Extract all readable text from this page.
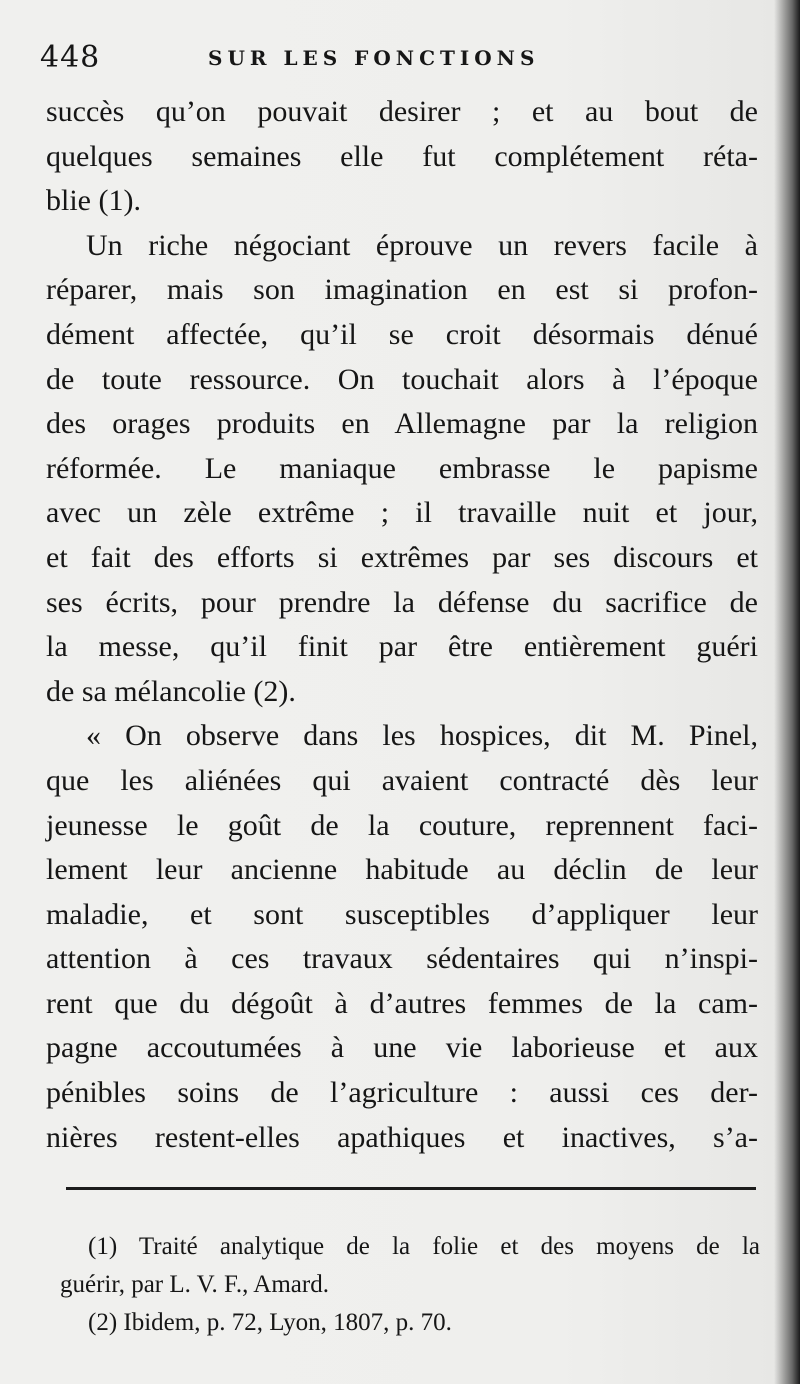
448	SUR LES FONCTIONS
succès qu’on pouvait desirer ; et au bout de
quelques semaines elle fut complétement réta-
blie (1).
Un riche négociant éprouve un revers facile à
réparer, mais son imagination en est si profon-
dément affectée, qu’il se croit désormais dénué
de toute ressource. On touchait alors à l’époque
des orages produits en Allemagne par la religion
réformée. Le maniaque embrasse le papisme
avec un zèle extrême ; il travaille nuit et jour,
et fait des efforts si extrêmes par ses discours et
ses écrits, pour prendre la défense du sacrifice de
la messe, qu’il finit par être entièrement guéri
de sa mélancolie (2).
« On observe dans les hospices, dit M. Pinel,
que les aliénées qui avaient contracté dès leur
jeunesse le goût de la couture, reprennent faci-
lement leur ancienne habitude au déclin de leur
maladie, et sont susceptibles d’appliquer leur
attention à ces travaux sédentaires qui n’inspi-
rent que du dégoût à d’autres femmes de la cam-
pagne accoutumées à une vie laborieuse et aux
pénibles soins de l’agriculture : aussi ces der-
nières restent-elles apathiques et inactives, s’a-
(1) Traité analytique de la folie et des moyens de la
guérir, par L. V. F., Amard.
(2) Ibidem, p. 72, Lyon, 1807, p. 70.
